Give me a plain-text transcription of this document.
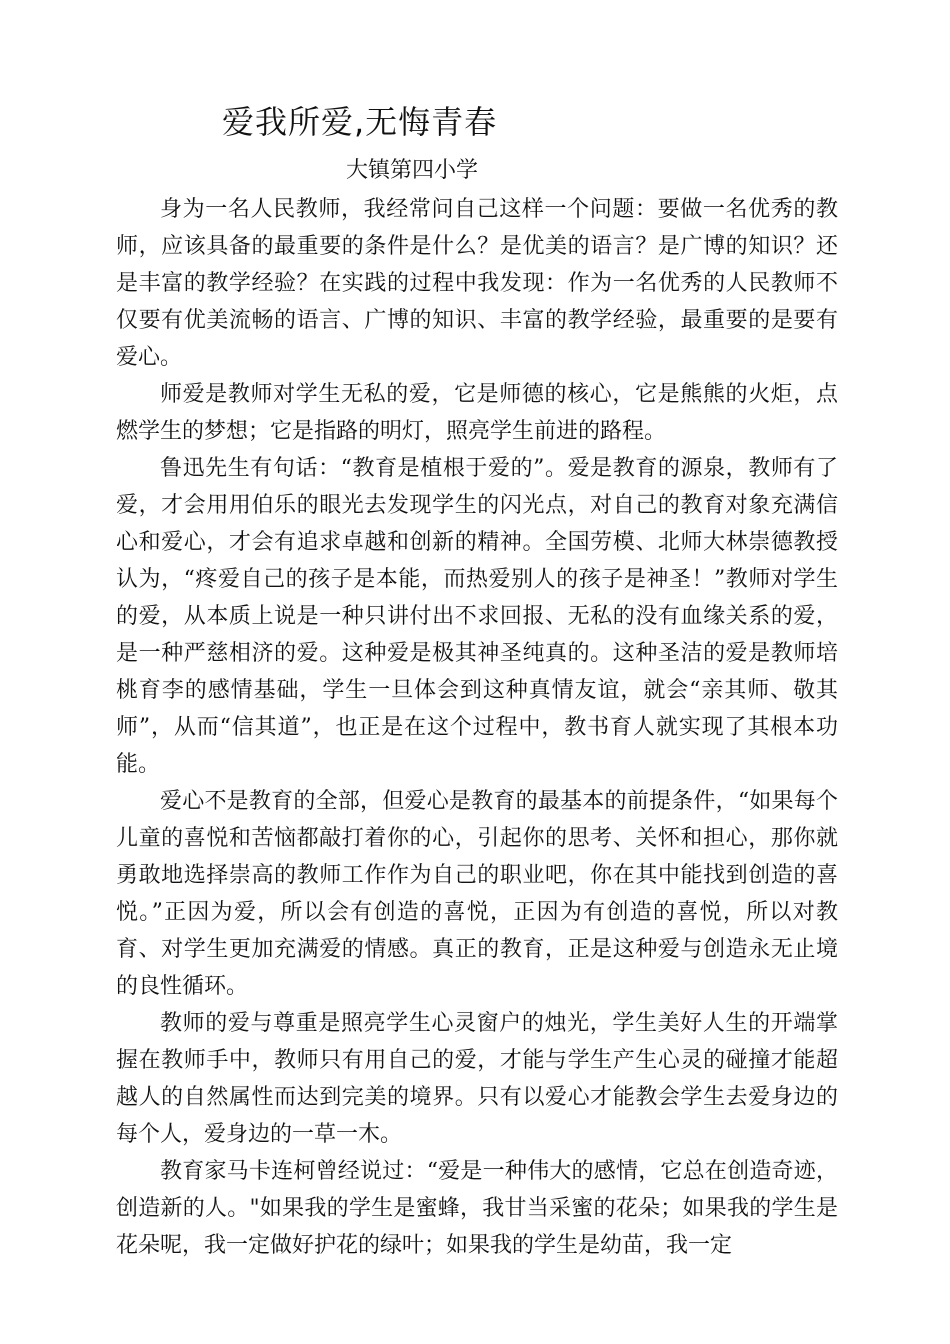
爱我所爱,无悔青春
大镇第四小学

身为一名人民教师，我经常问自己这样一个问题：要做一名优秀的教师，应该具备的最重要的条件是什么？是优美的语言？是广博的知识？还是丰富的教学经验？在实践的过程中我发现：作为一名优秀的人民教师不仅要有优美流畅的语言、广博的知识、丰富的教学经验，最重要的是要有爱心。

师爱是教师对学生无私的爱，它是师德的核心，它是熊熊的火炬，点燃学生的梦想；它是指路的明灯，照亮学生前进的路程。

鲁迅先生有句话：“教育是植根于爱的”。爱是教育的源泉，教师有了爱，才会用用伯乐的眼光去发现学生的闪光点，对自己的教育对象充满信心和爱心，才会有追求卓越和创新的精神。全国劳模、北师大林崇德教授认为，“疼爱自己的孩子是本能，而热爱别人的孩子是神圣！”教师对学生的爱，从本质上说是一种只讲付出不求回报、无私的没有血缘关系的爱，是一种严慈相济的爱。这种爱是极其神圣纯真的。这种圣洁的爱是教师培桃育李的感情基础，学生一旦体会到这种真情友谊，就会“亲其师、敬其师”，从而“信其道”，也正是在这个过程中，教书育人就实现了其根本功能。

爱心不是教育的全部，但爱心是教育的最基本的前提条件，“如果每个儿童的喜悦和苦恼都敲打着你的心，引起你的思考、关怀和担心，那你就勇敢地选择崇高的教师工作作为自己的职业吧，你在其中能找到创造的喜悦。”正因为爱，所以会有创造的喜悦，正因为有创造的喜悦，所以对教育、对学生更加充满爱的情感。真正的教育，正是这种爱与创造永无止境的良性循环。

教师的爱与尊重是照亮学生心灵窗户的烛光，学生美好人生的开端掌握在教师手中，教师只有用自己的爱，才能与学生产生心灵的碰撞才能超越人的自然属性而达到完美的境界。只有以爱心才能教会学生去爱身边的每个人，爱身边的一草一木。

教育家马卡连柯曾经说过：“爱是一种伟大的感情，它总在创造奇迹，创造新的人。"如果我的学生是蜜蜂，我甘当采蜜的花朵；如果我的学生是花朵呢，我一定做好护花的绿叶；如果我的学生是幼苗，我一定
